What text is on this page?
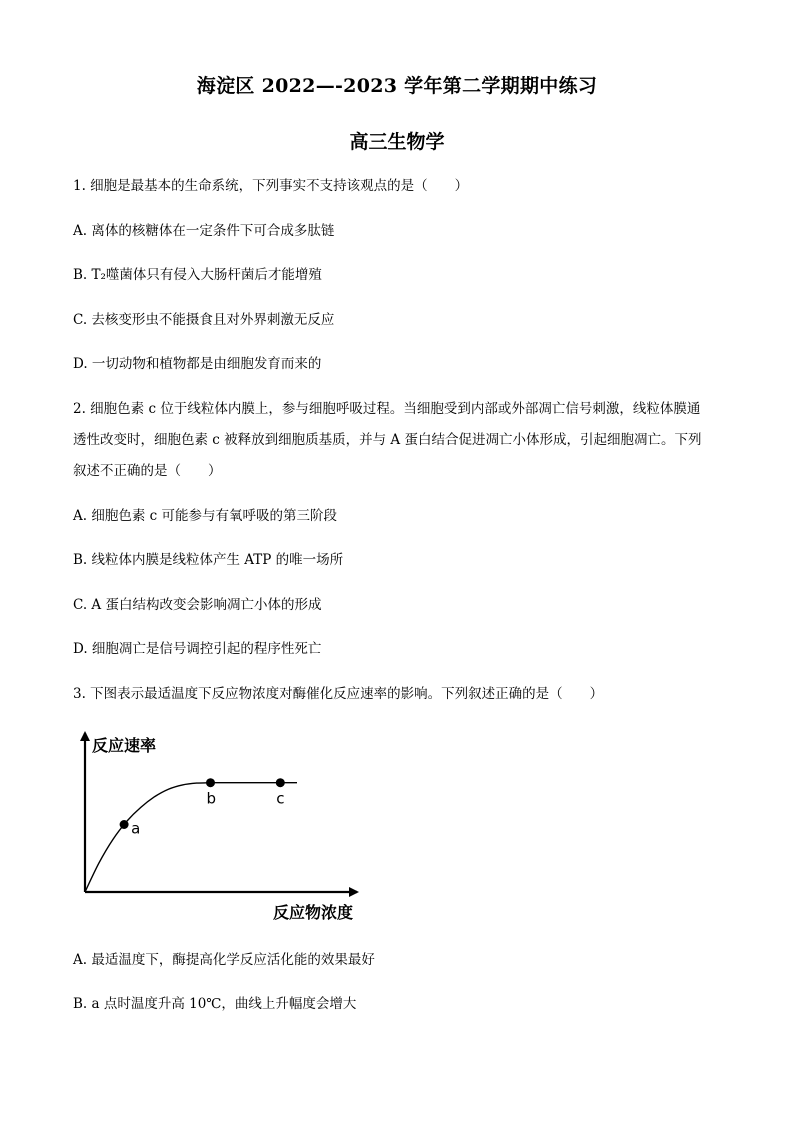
海淀区 2022—-2023 学年第二学期期中练习
高三生物学
1. 细胞是最基本的生命系统，下列事实不支持该观点的是（　　）
A. 离体的核糖体在一定条件下可合成多肽链
B. T₂噬菌体只有侵入大肠杆菌后才能增殖
C. 去核变形虫不能摄食且对外界刺激无反应
D. 一切动物和植物都是由细胞发育而来的
2. 细胞色素 c 位于线粒体内膜上，参与细胞呼吸过程。当细胞受到内部或外部凋亡信号刺激，线粒体膜通
透性改变时，细胞色素 c 被释放到细胞质基质，并与 A 蛋白结合促进凋亡小体形成，引起细胞凋亡。下列
叙述不正确的是（　　）
A. 细胞色素 c 可能参与有氧呼吸的第三阶段
B. 线粒体内膜是线粒体产生 ATP 的唯一场所
C. A 蛋白结构改变会影响凋亡小体的形成
D. 细胞凋亡是信号调控引起的程序性死亡
3. 下图表示最适温度下反应物浓度对酶催化反应速率的影响。下列叙述正确的是（　　）
反应速率
反应物浓度
a
b	c
A. 最适温度下，酶提高化学反应活化能的效果最好
B. a 点时温度升高 10℃，曲线上升幅度会增大
